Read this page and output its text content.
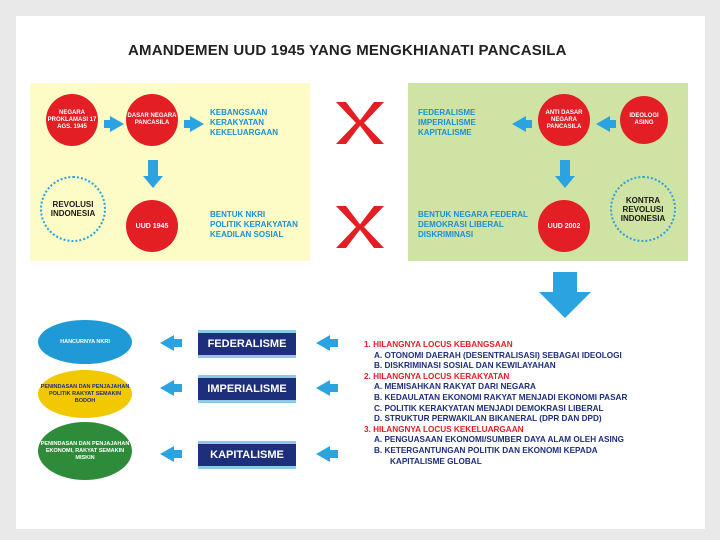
AMANDEMEN UUD 1945 YANG MENGKHIANATI PANCASILA
NEGARA PROKLAMASI 17 AGS. 1945
DASAR NEGARA PANCASILA
KEBANGSAAN
KERAKYATAN
KEKELUARGAAN
REVOLUSI INDONESIA
UUD 1945
BENTUK NKRI
POLITIK KERAKYATAN
KEADILAN SOSIAL
FEDERALISME
IMPERIALISME
KAPITALISME
ANTI DASAR NEGARA PANCASILA
IDEOLOGI ASING
KONTRA REVOLUSI INDONESIA
BENTUK NEGARA FEDERAL
DEMOKRASI LIBERAL
DISKRIMINASI
UUD 2002
HANCURNYA NKRI
PENINDASAN DAN PENJAJAHAN POLITIK RAKYAT SEMAKIN BODOH
PENINDASAN DAN PENJAJAHAN EKONOMI, RAKYAT SEMAKIN MISKIN
FEDERALISME
IMPERIALISME
KAPITALISME
1. HILANGNYA LOCUS KEBANGSAAN
A. OTONOMI DAERAH (DESENTRALISASI) SEBAGAI IDEOLOGI
B. DISKRIMINASI SOSIAL DAN KEWILAYAHAN
2. HILANGNYA LOCUS KERAKYATAN
A. MEMISAHKAN RAKYAT DARI NEGARA
B. KEDAULATAN EKONOMI RAKYAT MENJADI EKONOMI PASAR
C. POLITIK KERAKYATAN MENJADI DEMOKRASI LIBERAL
D. STRUKTUR PERWAKILAN BIKANERAL (DPR DAN DPD)
3. HILANGNYA LOCUS KEKELUARGAAN
A. PENGUASAAN EKONOMI/SUMBER DAYA ALAM OLEH ASING
B. KETERGANTUNGAN POLITIK DAN EKONOMI KEPADA
KAPITALISME GLOBAL
